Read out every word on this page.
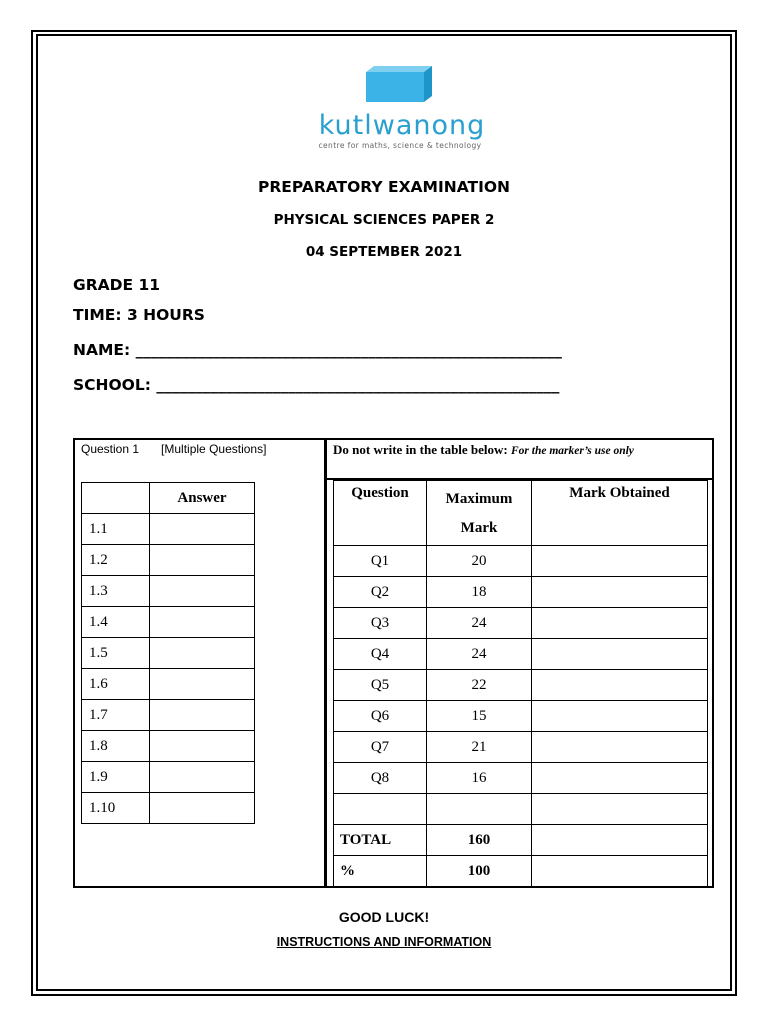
kutlwanong
centre for maths, science & technology
PREPARATORY EXAMINATION
PHYSICAL SCIENCES PAPER 2
04 SEPTEMBER 2021
GRADE 11
TIME: 3 HOURS
NAME: _______________________________________________________
SCHOOL: ____________________________________________________
Question 1 [Multiple Questions]	Do not write in the table below: For the marker’s use only
	Answer
1.1	
1.2	
1.3	
1.4	
1.5	
1.6	
1.7	
1.8	
1.9	
1.10	
Question	Maximum Mark	Mark Obtained
Q1	20	
Q2	18	
Q3	24	
Q4	24	
Q5	22	
Q6	15	
Q7	21	
Q8	16	

TOTAL	160	
%	100	
GOOD LUCK!
INSTRUCTIONS AND INFORMATION
